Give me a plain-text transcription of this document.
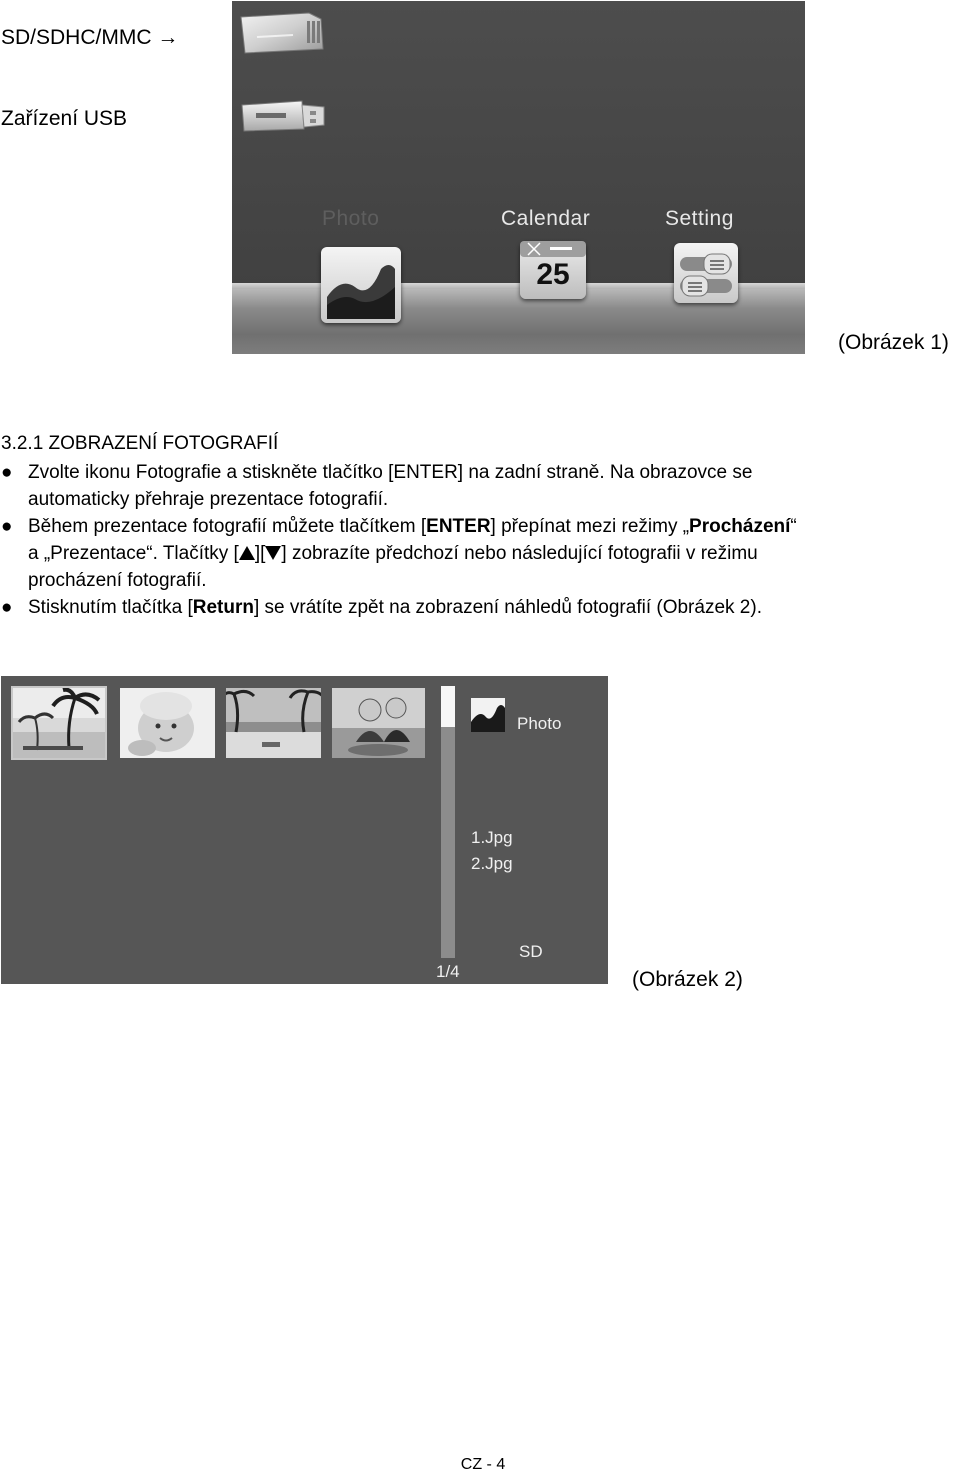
SD/SDHC/MMC →
Zařízení USB
Photo	Calendar	Setting
25
(Obrázek 1)
3.2.1 ZOBRAZENÍ FOTOGRAFIÍ
● Zvolte ikonu Fotografie a stiskněte tlačítko [ENTER] na zadní straně. Na obrazovce se
automaticky přehraje prezentace fotografií.
● Během prezentace fotografií můžete tlačítkem [ENTER] přepínat mezi režimy „Procházení“
a „Prezentace“. Tlačítky [ ][ ] zobrazíte předchozí nebo následující fotografii v režimu
procházení fotografií.
● Stisknutím tlačítka [Return] se vrátíte zpět na zobrazení náhledů fotografií (Obrázek 2).
Photo
1.Jpg
2.Jpg
SD
1/4	(Obrázek 2)
CZ - 4
